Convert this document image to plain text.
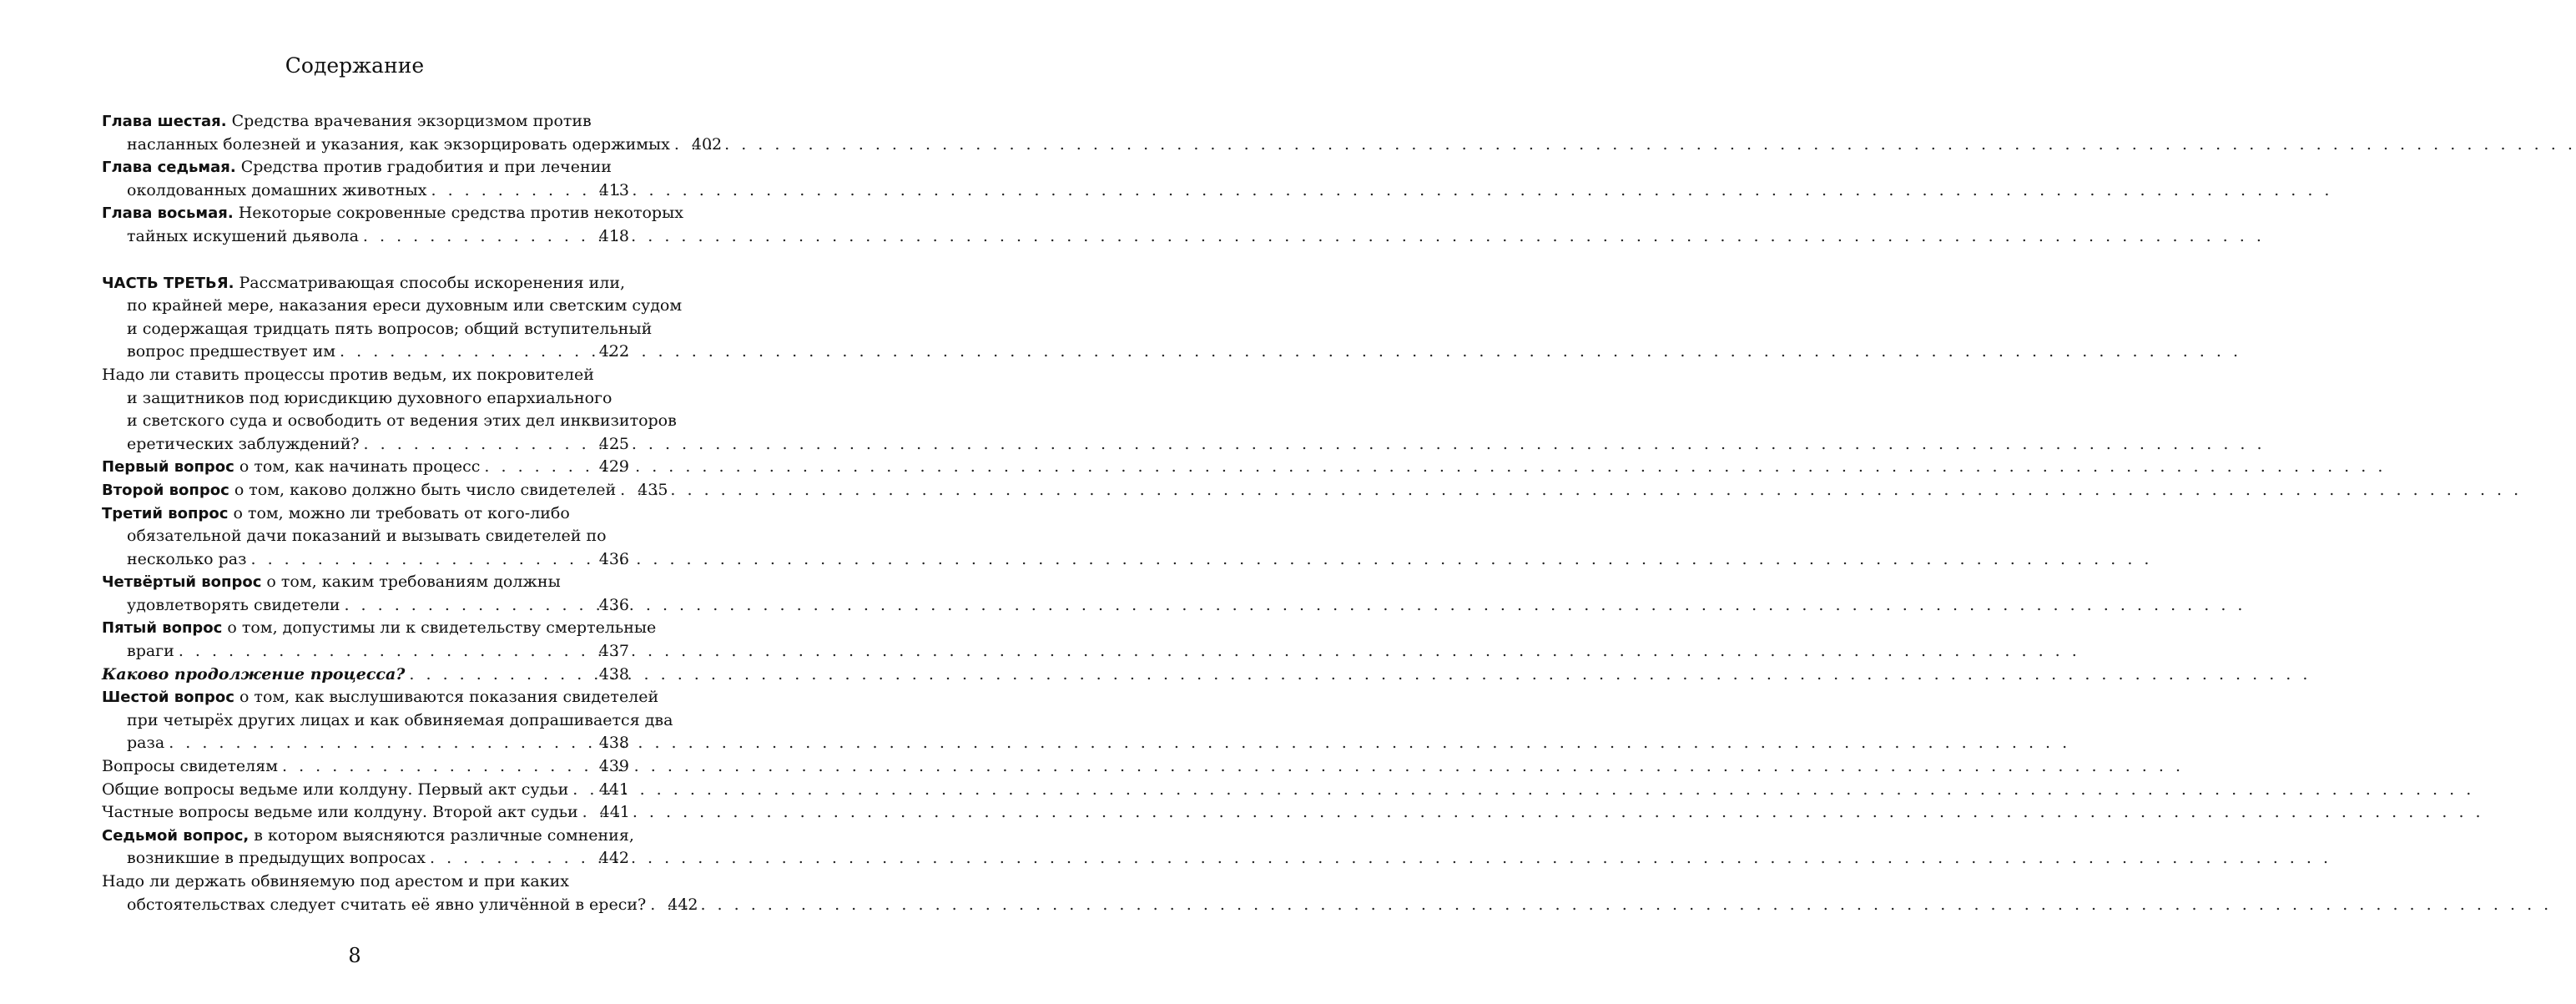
Содержание
Глава шестая. Средства врачевания экзорцизмом против
насланных болезней и указания, как экзорцировать одержимых . . . 402
Глава седьмая. Средства против градобития и при лечении
околдованных домашних животных . . .	413
Глава восьмая. Некоторые сокровенные средства против некоторых
тайных искушений дьявола . . .	418
ЧАСТЬ ТРЕТЬЯ. Рассматривающая способы искоренения или,
по крайней мере, наказания ереси духовным или светским судом
и содержащая тридцать пять вопросов; общий вступительный
вопрос предшествует им . . .	422
Надо ли ставить процессы против ведьм, их покровителей
и защитников под юрисдикцию духовного епархиального
и светского суда и освободить от ведения этих дел инквизиторов
еретических заблуждений? . . .	425
Первый вопрос о том, как начинать процесс . . .	429
Второй вопрос о том, каково должно быть число свидетелей . . . 435
Третий вопрос о том, можно ли требовать от кого-либо
обязательной дачи показаний и вызывать свидетелей по
несколько раз . . .	436
Четвёртый вопрос о том, каким требованиям должны
удовлетворять свидетели . . .	436
Пятый вопрос о том, допустимы ли к свидетельству смертельные
враги . . .	437
Каково продолжение процесса? . . .	438
Шестой вопрос о том, как выслушиваются показания свидетелей
при четырёх других лицах и как обвиняемая допрашивается два
раза . . .	438
Вопросы свидетелям . . .	439
Общие вопросы ведьме или колдуну. Первый акт судьи . . . 441
Частные вопросы ведьме или колдуну. Второй акт судьи . . . 441
Седьмой вопрос, в котором выясняются различные сомнения,
возникшие в предыдущих вопросах . . .	442
Надо ли держать обвиняемую под арестом и при каких
обстоятельствах следует считать её явно уличённой в ереси? . . . 442
8
